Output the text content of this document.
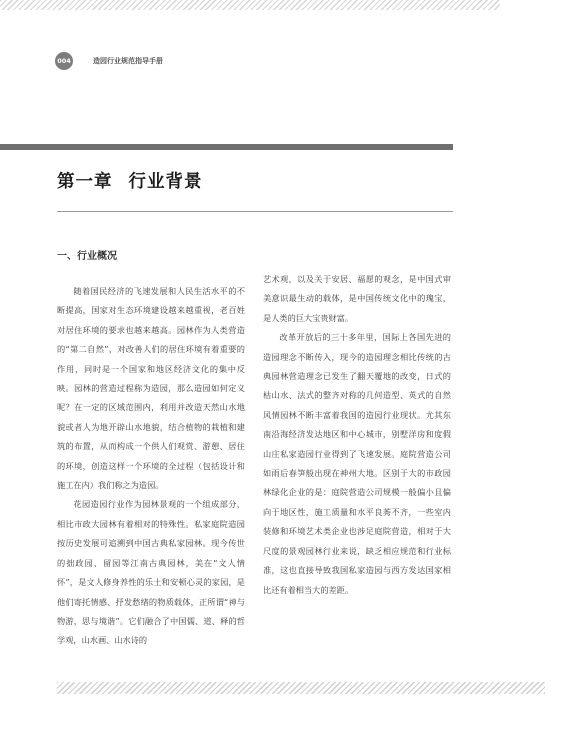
004	造园行业规范指导手册
第一章 行业背景
一、行业概况

随着国民经济的飞速发展和人民生活水平的不断提高，国家对生态环境建设越来越重视，老百姓对居住环境的要求也越来越高。园林作为人类营造的“第二自然”，对改善人们的居住环境有着重要的作用，同时是一个国家和地区经济文化的集中反映。园林的营造过程称为造园，那么造园如何定义呢？在一定的区域范围内，利用并改造天然山水地貌或者人为地开辟山水地貌，结合植物的栽植和建筑的布置，从而构成一个供人们观赏、游憩、居住的环境，创造这样一个环境的全过程（包括设计和施工在内）我们称之为造园。

花园造园行业作为园林景观的一个组成部分，相比市政大园林有着相对的特殊性。私家庭院造园按历史发展可追溯到中国古典私家园林。现今传世的拙政园、留园等江南古典园林，美在“文人情怀”，是文人修身养性的乐土和安顿心灵的家园，是他们寄托情感、抒发愁绪的物质载体，正所谓“神与物游，思与境谐”。它们融合了中国儒、道、释的哲学观，山水画、山水诗的

艺术观，以及关于安居、福愿的观念，是中国式审美意识最生动的载体，是中国传统文化中的瑰宝，是人类的巨大宝贵财富。

改革开放后的三十多年里，国际上各国先进的造园理念不断传入，现今的造园理念相比传统的古典园林营造理念已发生了翻天覆地的改变，日式的枯山水、法式的整齐对称的几何造型、英式的自然风情园林不断丰富着我国的造园行业现状。尤其东南沿海经济发达地区和中心城市，别墅洋房和度假山庄私家造园行业得到了飞速发展。庭院营造公司如雨后春笋般出现在神州大地。区别于大的市政园林绿化企业的是：庭院营造公司规模一般偏小且偏向于地区性，施工质量和水平良莠不齐，一些室内装修和环境艺术类企业也涉足庭院营造，相对于大尺度的景观园林行业来说，缺乏相应规范和行业标准，这也直接导致我国私家造园与西方发达国家相比还有着相当大的差距。
